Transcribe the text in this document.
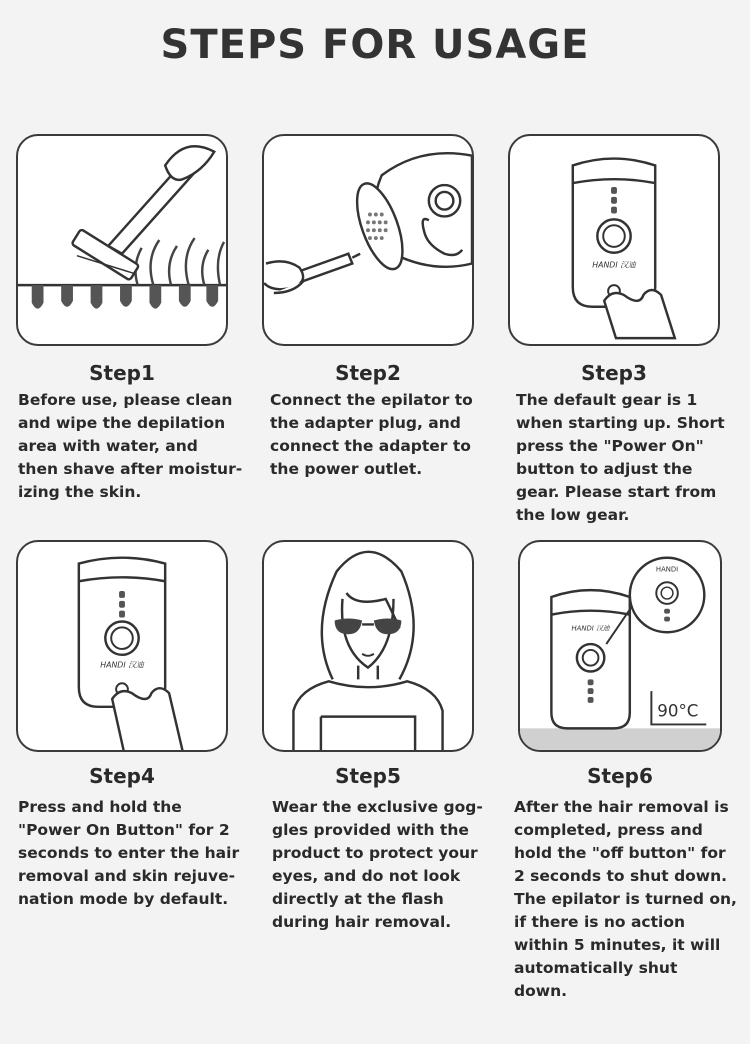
STEPS FOR USAGE
Step1

Before use, please clean
and wipe the depilation
area with water, and
then shave after moistur-
izing the skin.

Step2

Connect the epilator to
the adapter plug, and
connect the adapter to
the power outlet.

HANDI 汉迪
Step3

The default gear is 1
when starting up. Short
press the "Power On"
button to adjust the
gear. Please start from
the low gear.

HANDI 汉迪
Step4

Press and hold the
"Power On Button" for 2
seconds to enter the hair
removal and skin rejuve-
nation mode by default.

Step5

Wear the exclusive gog-
gles provided with the
product to protect your
eyes, and do not look
directly at the flash
during hair removal.

HANDI 汉迪
HANDI
90°C
Step6

After the hair removal is
completed, press and
hold the "off button" for
2 seconds to shut down.
The epilator is turned on,
if there is no action
within 5 minutes, it will
automatically shut
down.
